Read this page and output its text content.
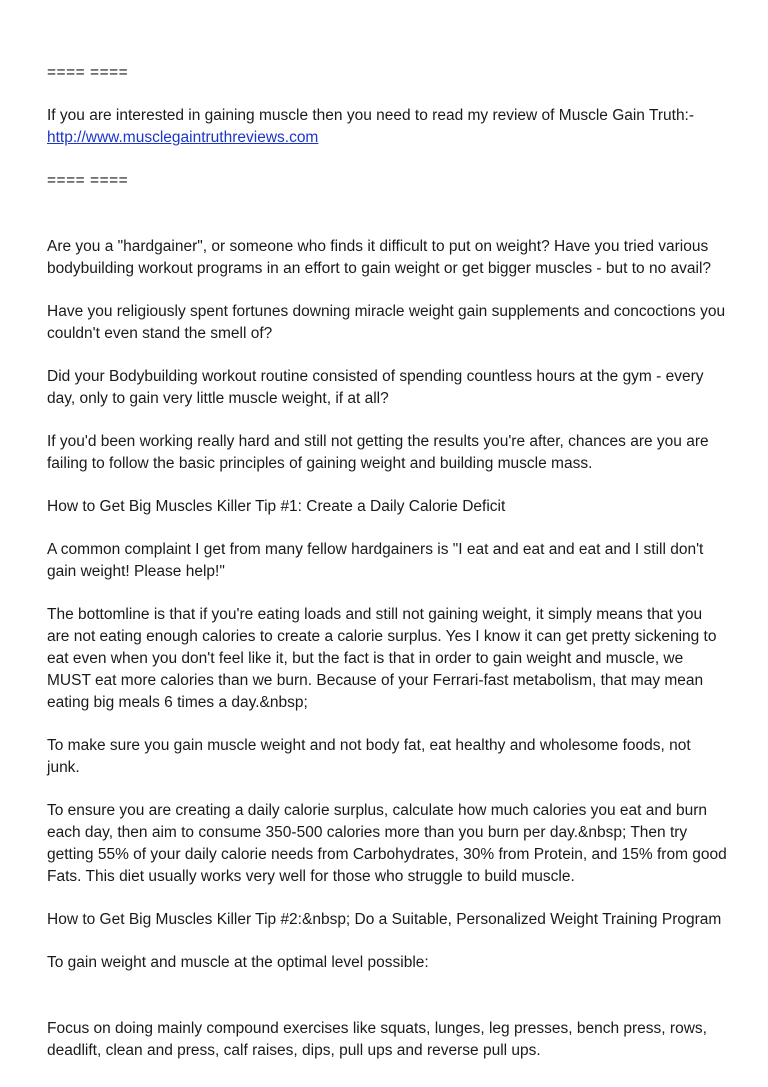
==== ====

If you are interested in gaining muscle then you need to read my review of Muscle Gain Truth:-
http://www.musclegaintruthreviews.com

==== ====

Are you a "hardgainer", or someone who finds it difficult to put on weight? Have you tried various bodybuilding workout programs in an effort to gain weight or get bigger muscles - but to no avail?

Have you religiously spent fortunes downing miracle weight gain supplements and concoctions you couldn't even stand the smell of?

Did your Bodybuilding workout routine consisted of spending countless hours at the gym - every day, only to gain very little muscle weight, if at all?

If you'd been working really hard and still not getting the results you're after, chances are you are failing to follow the basic principles of gaining weight and building muscle mass.

How to Get Big Muscles Killer Tip #1: Create a Daily Calorie Deficit

A common complaint I get from many fellow hardgainers is "I eat and eat and eat and I still don't gain weight! Please help!"

The bottomline is that if you're eating loads and still not gaining weight, it simply means that you are not eating enough calories to create a calorie surplus. Yes I know it can get pretty sickening to eat even when you don't feel like it, but the fact is that in order to gain weight and muscle, we MUST eat more calories than we burn. Because of your Ferrari-fast metabolism, that may mean eating big meals 6 times a day.&nbsp;

To make sure you gain muscle weight and not body fat, eat healthy and wholesome foods, not junk.

To ensure you are creating a daily calorie surplus, calculate how much calories you eat and burn each day, then aim to consume 350-500 calories more than you burn per day.&nbsp; Then try getting 55% of your daily calorie needs from Carbohydrates, 30% from Protein, and 15% from good Fats. This diet usually works very well for those who struggle to build muscle.

How to Get Big Muscles Killer Tip #2:&nbsp; Do a Suitable, Personalized Weight Training Program

To gain weight and muscle at the optimal level possible:

Focus on doing mainly compound exercises like squats, lunges, leg presses, bench press, rows, deadlift, clean and press, calf raises, dips, pull ups and reverse pull ups.
